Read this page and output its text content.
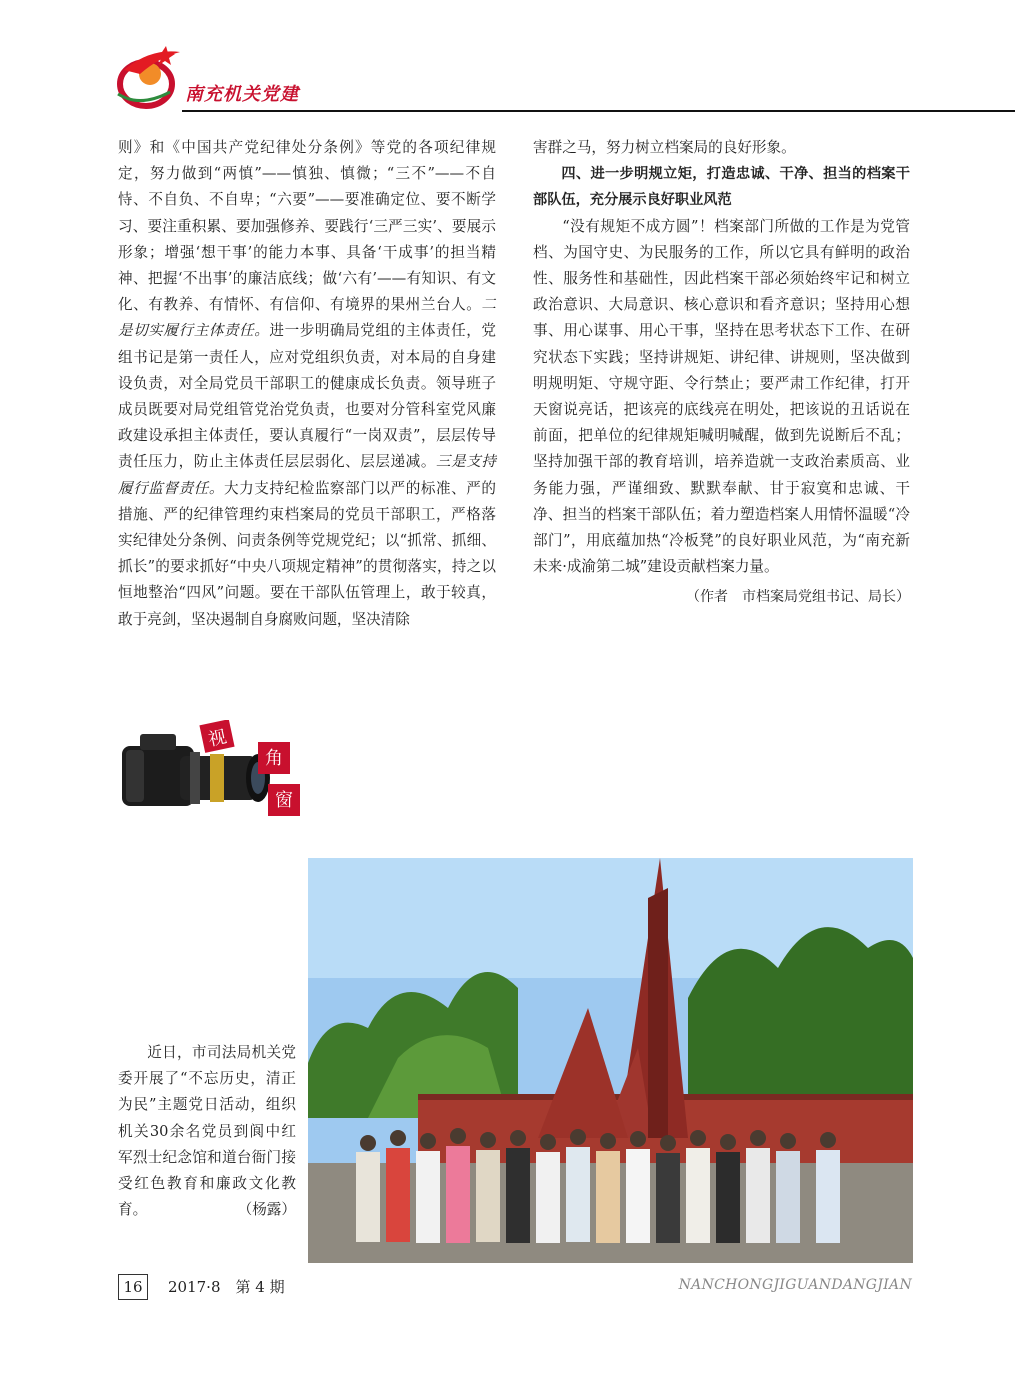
南充机关党建

则》和《中国共产党纪律处分条例》等党的各项纪律规定，努力做到“两慎”——慎独、慎微；“三不”——不自恃、不自负、不自卑；“六要”——要准确定位、要不断学习、要注重积累、要加强修养、要践行‘三严三实’、要展示形象；增强‘想干事’的能力本事、具备‘干成事’的担当精神、把握‘不出事’的廉洁底线；做‘六有’——有知识、有文化、有教养、有情怀、有信仰、有境界的果州兰台人。二是切实履行主体责任。进一步明确局党组的主体责任，党组书记是第一责任人，应对党组织负责，对本局的自身建设负责，对全局党员干部职工的健康成长负责。领导班子成员既要对局党组管党治党负责，也要对分管科室党风廉政建设承担主体责任，要认真履行“一岗双责”，层层传导责任压力，防止主体责任层层弱化、层层递减。三是支持履行监督责任。大力支持纪检监察部门以严的标准、严的措施、严的纪律管理约束档案局的党员干部职工，严格落实纪律处分条例、问责条例等党规党纪；以“抓常、抓细、抓长”的要求抓好“中央八项规定精神”的贯彻落实，持之以恒地整治“四风”问题。要在干部队伍管理上，敢于较真，敢于亮剑，坚决遏制自身腐败问题，坚决清除

害群之马，努力树立档案局的良好形象。

四、进一步明规立矩，打造忠诚、干净、担当的档案干部队伍，充分展示良好职业风范

“没有规矩不成方圆”！档案部门所做的工作是为党管档、为国守史、为民服务的工作，所以它具有鲜明的政治性、服务性和基础性，因此档案干部必须始终牢记和树立政治意识、大局意识、核心意识和看齐意识；坚持用心想事、用心谋事、用心干事，坚持在思考状态下工作、在研究状态下实践；坚持讲规矩、讲纪律、讲规则，坚决做到明规明矩、守规守距、令行禁止；要严肃工作纪律，打开天窗说亮话，把该亮的底线亮在明处，把该说的丑话说在前面，把单位的纪律规矩喊明喊醒，做到先说断后不乱；坚持加强干部的教育培训，培养造就一支政治素质高、业务能力强，严谨细致、默默奉献、甘于寂寞和忠诚、干净、担当的档案干部队伍；着力塑造档案人用情怀温暖“冷部门”，用底蕴加热“冷板凳”的良好职业风范，为“南充新未来·成渝第二城”建设贡献档案力量。

（作者　市档案局党组书记、局长）

视
角
窗

近日，市司法局机关党委开展了“不忘历史，清正为民”主题党日活动，组织机关30余名党员到阆中红军烈士纪念馆和道台衙门接受红色教育和廉政文化教育。	（杨露）

16	2017·8　第 4 期	NANCHONGJIGUANDANGJIAN
